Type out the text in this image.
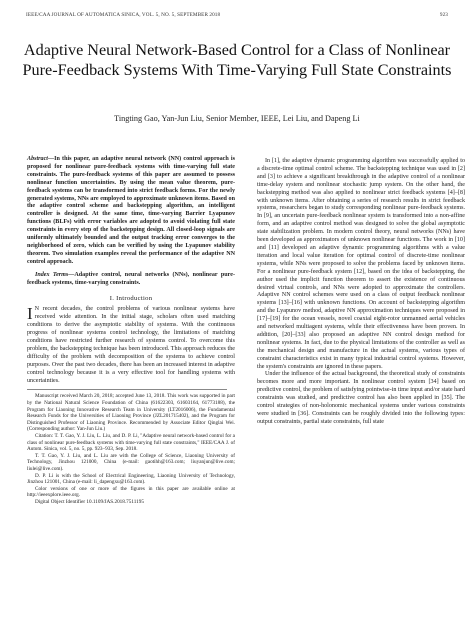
IEEE/CAA JOURNAL OF AUTOMATICA SINICA, VOL. 5, NO. 5, SEPTEMBER 2018	923
Adaptive Neural Network-Based Control for a Class of Nonlinear Pure-Feedback Systems With Time-Varying Full State Constraints
Tingting Gao, Yan-Jun Liu, Senior Member, IEEE, Lei Liu, and Dapeng Li

Abstract—In this paper, an adaptive neural network (NN) control approach is proposed for nonlinear pure-feedback systems with time-varying full state constraints. The pure-feedback systems of this paper are assumed to possess nonlinear function uncertainties. By using the mean value theorem, pure-feedback systems can be transformed into strict feedback forms. For the newly generated systems, NNs are employed to approximate unknown items. Based on the adaptive control scheme and backstepping algorithm, an intelligent controller is designed. At the same time, time-varying Barrier Lyapunov functions (BLFs) with error variables are adopted to avoid violating full state constraints in every step of the backstepping design. All closed-loop signals are uniformly ultimately bounded and the output tracking error converges to the neighborhood of zero, which can be verified by using the Lyapunov stability theorem. Two simulation examples reveal the performance of the adaptive NN control approach.

Index Terms—Adaptive control, neural networks (NNs), nonlinear pure-feedback systems, time-varying constraints.

I. Introduction

I N recent decades, the control problems of various nonlinear systems have received wide attention. In the initial stage, scholars often used matching conditions to derive the asymptotic stability of systems. With the continuous progress of nonlinear systems control technology, the limitations of matching conditions have restricted further research of systems control. To overcome this problem, the backstepping technique has been introduced. This approach reduces the difficulty of the problem with decomposition of the systems to achieve control purposes. Over the past two decades, there has been an increased interest in adaptive control technology because it is a very effective tool for handling systems with uncertainties.

Manuscript received March 20, 2018; accepted June 13, 2018. This work was supported in part by the National Natural Science Foundation of China (61622303, 61603164, 61773188), the Program for Liaoning Innovative Research Team in University (LT2016006), the Fundamental Research Funds for the Universities of Liaoning Province (JZL201715402), and the Program for Distinguished Professor of Liaoning Province. Recommended by Associate Editor Qinglai Wei. (Corresponding author: Yan-Jun Liu.)

Citation: T. T. Gao, Y. J. Liu, L. Liu, and D. P. Li, "Adaptive neural network-based control for a class of nonlinear pure-feedback systems with time-varying full state constraints," IEEE/CAA J. of Autom. Sinica, vol. 5, no. 5, pp. 923–933, Sep. 2018.

T. T. Gao, Y. J. Liu, and L. Liu are with the College of Science, Liaoning University of Technology, Jinzhou 121000, China (e-mail: gaotihh@163.com; liuyanjun@live.com; liulei@live.com).

D. P. Li is with the School of Electrical Engineering, Liaoning University of Technology, Jinzhou 121001, China (e-mail: li_dapengxu@163.com).

Color versions of one or more of the figures in this paper are available online at http://ieeexplore.ieee.org.

Digital Object Identifier 10.1109/JAS.2018.7511195

In [1], the adaptive dynamic programming algorithm was successfully applied to a discrete-time optimal control scheme. The backstepping technique was used in [2] and [3] to achieve a significant breakthrough in the adaptive control of a nonlinear time-delay system and nonlinear stochastic jump system. On the other hand, the backstepping method was also applied to nonlinear strict feedback systems [4]–[8] with unknown items. After obtaining a series of research results in strict feedback systems, researchers began to study corresponding nonlinear pure-feedback systems. In [9], an uncertain pure-feedback nonlinear system is transformed into a non-affine form, and an adaptive control method was designed to solve the global asymptotic state stabilization problem. In modern control theory, neural networks (NNs) have been developed as approximators of unknown nonlinear functions. The work in [10] and [11] developed an adaptive dynamic programming algorithms with a value iteration and local value iteration for optimal control of discrete-time nonlinear systems, while NNs were proposed to solve the problems faced by unknown items. For a nonlinear pure-feedback system [12], based on the idea of backstepping, the author used the implicit function theorem to assert the existence of continuous desired virtual controls, and NNs were adopted to approximate the controllers. Adaptive NN control schemes were used on a class of output feedback nonlinear systems [13]–[16] with unknown functions. On account of backstepping algorithm and the Lyapunov method, adaptive NN approximation techniques were proposed in [17]–[19] for the ocean vessels, novel coaxial eight-rotor unmanned aerial vehicles and networked multiagent systems, while their effectiveness have been proven. In addition, [20]–[33] also proposed an adaptive NN control design method for nonlinear systems. In fact, due to the physical limitations of the controller as well as the mechanical design and manufacture in the actual systems, various types of constraint characteristics exist in many typical industrial control systems. However, the system's constraints are ignored in these papers.

Under the influence of the actual background, the theoretical study of constraints becomes more and more important. In nonlinear control system [34] based on predictive control, the problem of satisfying pointwise-in time input and/or state hard constraints was studied, and predictive control has also been applied in [35]. The control strategies of non-holonomic mechanical systems under various constraints were studied in [36]. Constraints can be roughly divided into the following types: output constraints, partial state constraints, full state
